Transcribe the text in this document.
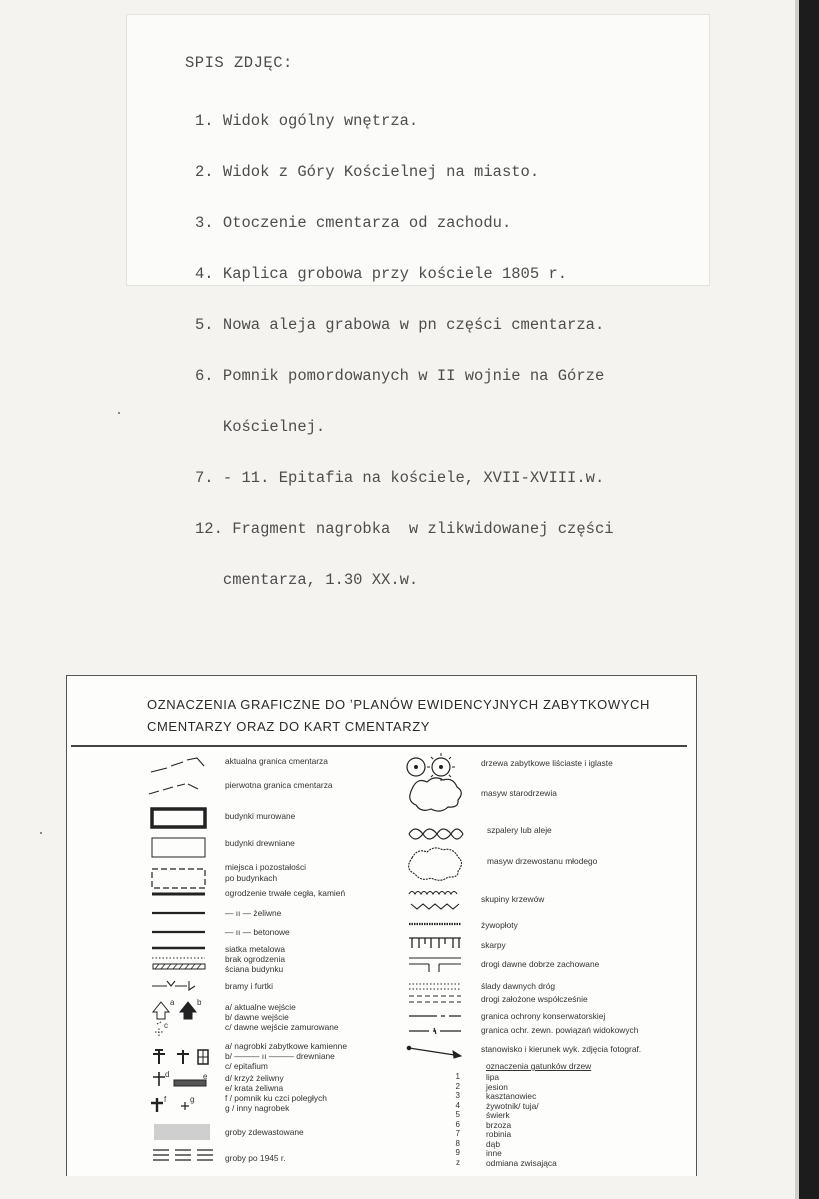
SPIS ZDJĘC:

1. Widok ogólny wnętrza.

2. Widok z Góry Kościelnej na miasto.

3. Otoczenie cmentarza od zachodu.

4. Kaplica grobowa przy kościele 1805 r.

5. Nowa aleja grabowa w pn części cmentarza.

6. Pomnik pomordowanych w II wojnie na Górze

Kościelnej.

7. - 11. Epitafia na kościele, XVII-XVIII.w.

12. Fragment nagrobka  w zlikwidowanej części

cmentarza, 1.30 XX.w.

OZNACZENIA GRAFICZNE DO ʼPLANÓW EWIDENCYJNYCH ZABYTKOWYCH
CMENTARZY ORAZ DO KART CMENTARZY
aktualna granica cmentarza
pierwotna granica cmentarza
budynki murowane
budynki drewniane
miejsca i pozostałości
po budynkach
ogrodzenie trwałe cegła, kamień
— ıı — żeliwne
— ıı — betonowe
siatka metalowa
brak ogrodzenia
ściana budynku
bramy i furtki
a/ aktualne wejście
b/ dawne wejście
c/ dawne wejście zamurowane
a/ nagrobki zabytkowe kamienne
b/ ——— ıı ——— drewniane
c/ epitafium
d/ krzyż żeliwny
e/ krata żeliwna
f / pomnik ku czci poległych
g / inny nagrobek
groby zdewastowane
groby po 1945 r.
a	b
c
d	e
f	g
drzewa zabytkowe liściaste i iglaste
masyw starodrzewia
szpalery lub aleje
masyw drzewostanu młodego
skupiny krzewów
żywopłoty
skarpy
drogi dawne dobrze zachowane
ślady dawnych dróg
drogi założone współcześnie
granica ochrony konserwatorskiej
granica ochr. zewn. powiązań widokowych
stanowisko i kierunek wyk. zdjęcia fotograf.
oznaczenia gatunków drzew
1	lipa
2	jesion
3	kasztanowiec
4	żywotnik/ tuja/
5	świerk
6	brzoza
7	robinia
8	dąb
9	inne
z	odmiana zwisająca
